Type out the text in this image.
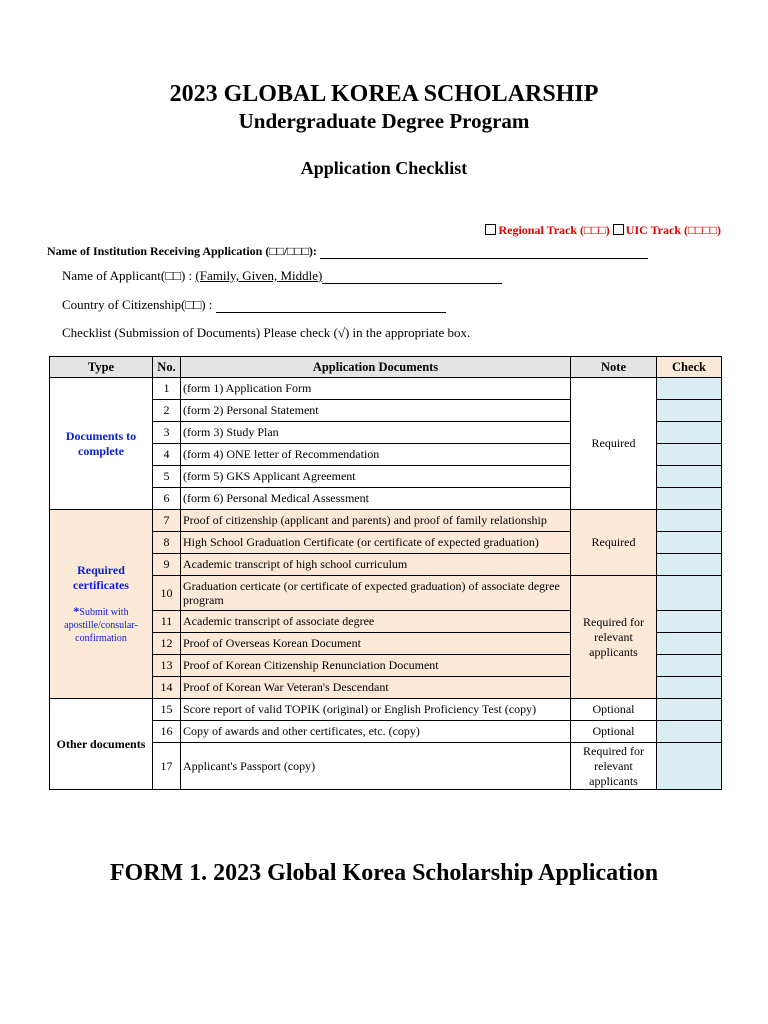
2023 GLOBAL KOREA SCHOLARSHIP
Undergraduate Degree Program
Application Checklist
Regional Track (□□□) UIC Track (□□□□)
Name of Institution Receiving Application (□□/□□□):
Name of Applicant(□□) : (Family, Given, Middle)
Country of Citizenship(□□) :
Checklist (Submission of Documents) Please check (√) in the appropriate box.
Type	No.	Application Documents	Note	Check
Documents to complete	1	(form 1) Application Form	Required	
	2	(form 2) Personal Statement		
	3	(form 3) Study Plan		
	4	(form 4) ONE letter of Recommendation		
	5	(form 5) GKS Applicant Agreement		
	6	(form 6) Personal Medical Assessment		
Required certificates
*Submit with apostille/consular-confirmation	7	Proof of citizenship (applicant and parents) and proof of family relationship	Required	
	8	High School Graduation Certificate (or certificate of expected graduation)		
	9	Academic transcript of high school curriculum		
	10	Graduation certicate (or certificate of expected graduation) of associate degree program	Required for relevant applicants	
	11	Academic transcript of associate degree		
	12	Proof of Overseas Korean Document		
	13	Proof of Korean Citizenship Renunciation Document		
	14	Proof of Korean War Veteran's Descendant		
Other documents	15	Score report of valid TOPIK (original) or English Proficiency Test (copy)	Optional	
	16	Copy of awards and other certificates, etc. (copy)	Optional	
	17	Applicant's Passport (copy)	Required for relevant applicants	
FORM 1. 2023 Global Korea Scholarship Application
